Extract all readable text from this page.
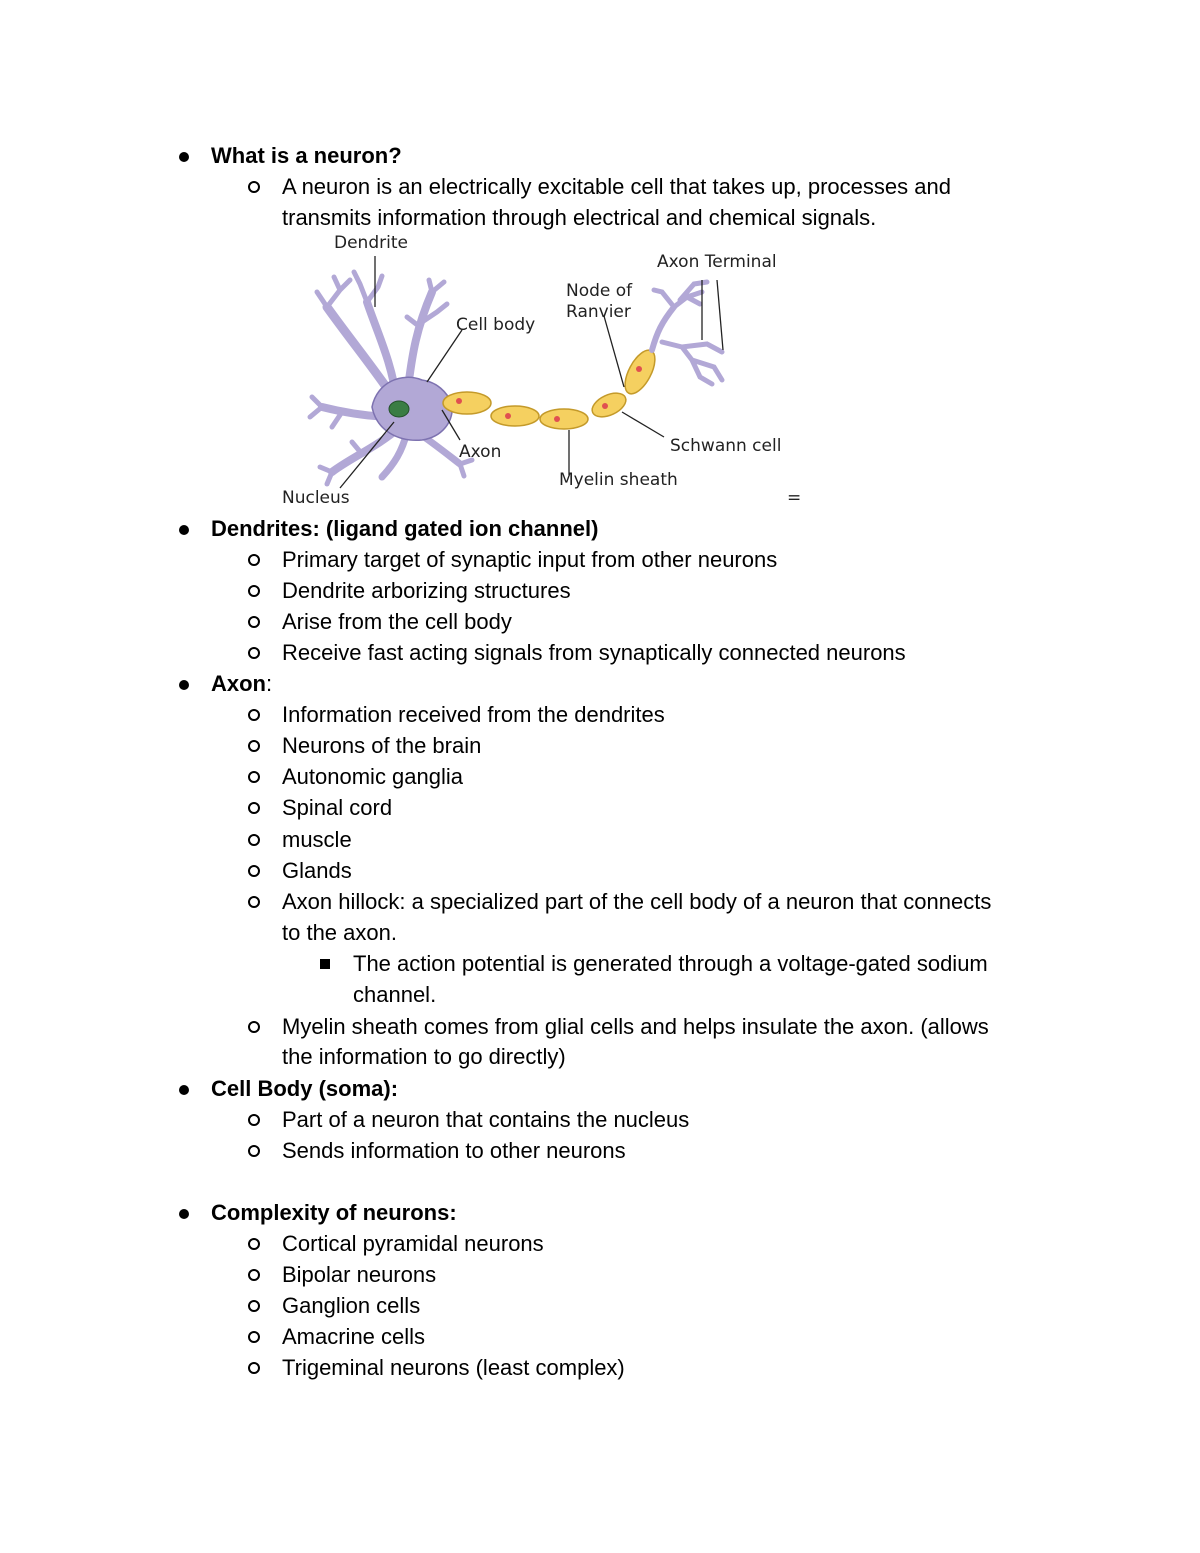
What is a neuron?
A neuron is an electrically excitable cell that takes up, processes and
transmits information through electrical and chemical signals.
Dendrite
Axon Terminal
Node of
Ranvier
Cell body
Axon	Schwann cell
Myelin sheath
Nucleus	=
Dendrites: (ligand gated ion channel)
Primary target of synaptic input from other neurons
Dendrite arborizing structures
Arise from the cell body
Receive fast acting signals from synaptically connected neurons
Axon:
Information received from the dendrites
Neurons of the brain
Autonomic ganglia
Spinal cord
muscle
Glands
Axon hillock: a specialized part of the cell body of a neuron that connects
to the axon.
The action potential is generated through a voltage-gated sodium
channel.
Myelin sheath comes from glial cells and helps insulate the axon. (allows
the information to go directly)
Cell Body (soma):
Part of a neuron that contains the nucleus
Sends information to other neurons
Complexity of neurons:
Cortical pyramidal neurons
Bipolar neurons
Ganglion cells
Amacrine cells
Trigeminal neurons (least complex)
